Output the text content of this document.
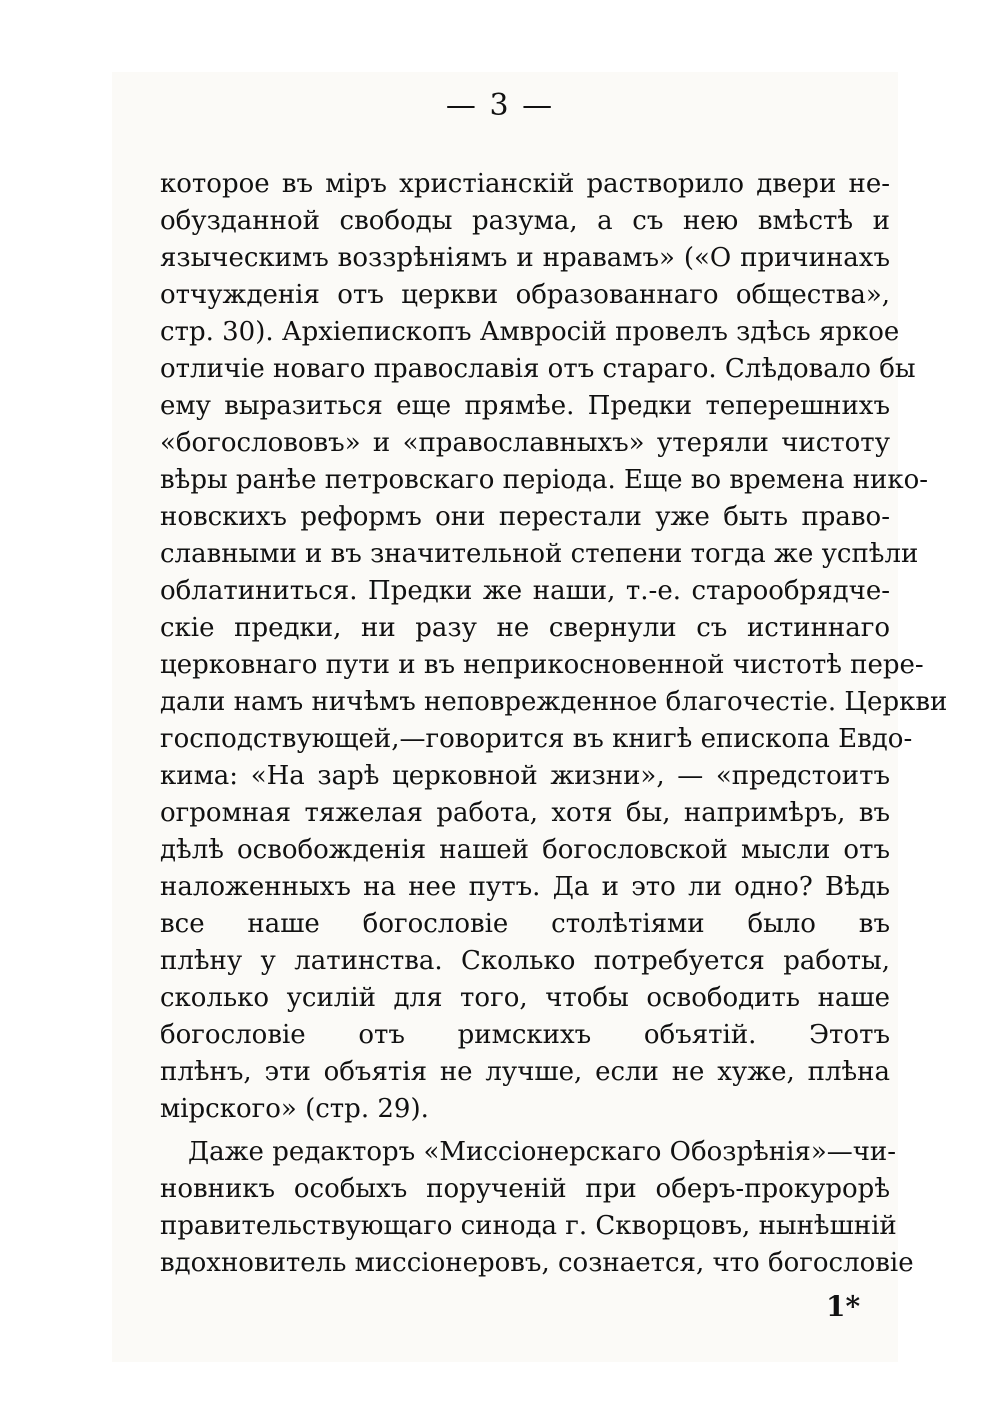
— 3 —

которое въ міръ христіанскій растворило двери не-
обузданной свободы разума, а съ нею вмѣстѣ и
языческимъ воззрѣніямъ и нравамъ» («О причинахъ
отчужденія отъ церкви образованнаго общества»,
стр. 30). Архіепископъ Амвросій провелъ здѣсь яркое
отличіе новаго православія отъ стараго. Слѣдовало бы
ему выразиться еще прямѣе. Предки теперешнихъ
«богослововъ» и «православныхъ» утеряли чистоту
вѣры ранѣе петровскаго періода. Еще во времена нико-
новскихъ реформъ они перестали уже быть право-
славными и въ значительной степени тогда же успѣли
облатиниться. Предки же наши, т.-е. старообрядче-
скіе предки, ни разу не свернули съ истиннаго
церковнаго пути и въ неприкосновенной чистотѣ пере-
дали намъ ничѣмъ неповрежденное благочестіе. Церкви
господствующей,—говорится въ книгѣ епископа Евдо-
кима: «На зарѣ церковной жизни», — «предстоитъ
огромная тяжелая работа, хотя бы, напримѣръ, въ
дѣлѣ освобожденія нашей богословской мысли отъ
наложенныхъ на нее путъ. Да и это ли одно? Вѣдь
все наше богословіе столѣтіями было въ
плѣну у латинства. Сколько потребуется работы,
сколько усилій для того, чтобы освободить наше
богословіе отъ римскихъ объятій. Этотъ
плѣнъ, эти объятія не лучше, если не хуже, плѣна
мірского» (стр. 29).
Даже редакторъ «Миссіонерскаго Обозрѣнія»—чи-
новникъ особыхъ порученій при оберъ-прокурорѣ
правительствующаго синода г. Скворцовъ, нынѣшній
вдохновитель миссіонеровъ, сознается, что богословіе

1*
